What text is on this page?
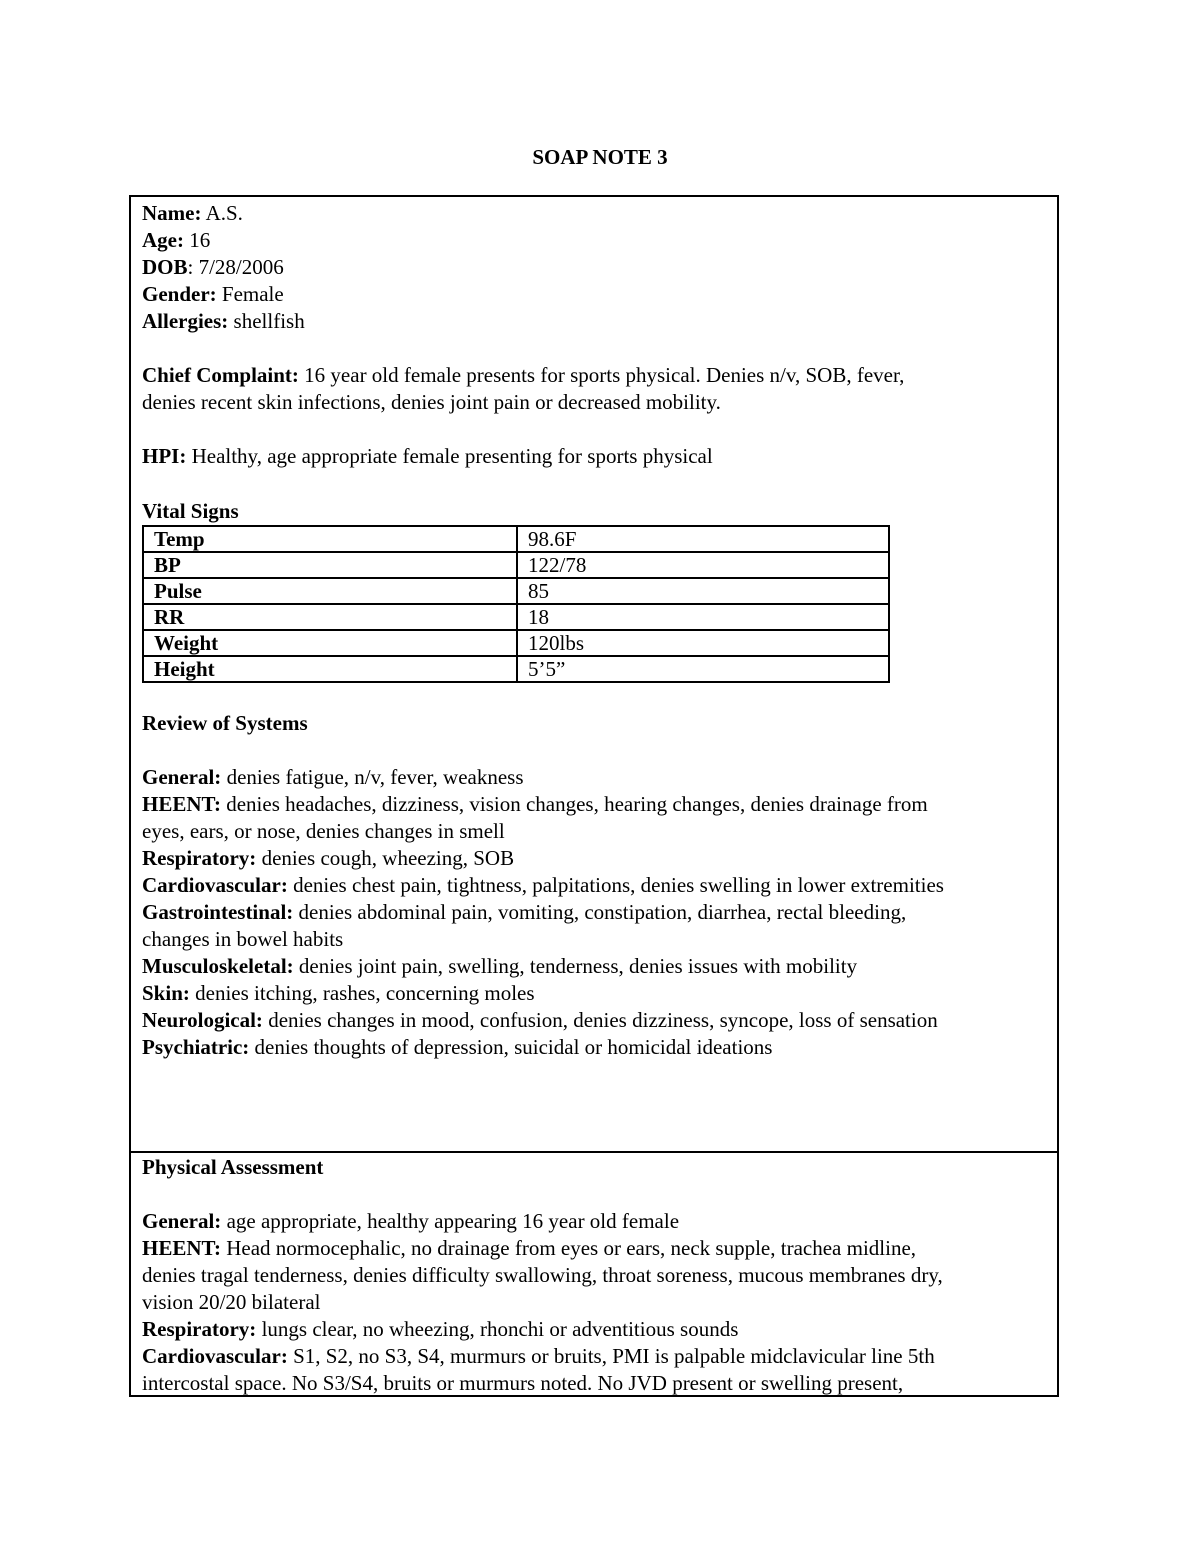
SOAP NOTE 3
Name: A.S.
Age: 16
DOB: 7/28/2006
Gender: Female
Allergies: shellfish
Chief Complaint: 16 year old female presents for sports physical. Denies n/v, SOB, fever,
denies recent skin infections, denies joint pain or decreased mobility.
HPI: Healthy, age appropriate female presenting for sports physical
Vital Signs
Temp	98.6F
BP	122/78
Pulse	85
RR	18
Weight	120lbs
Height	5’5”
Review of Systems
General: denies fatigue, n/v, fever, weakness
HEENT: denies headaches, dizziness, vision changes, hearing changes, denies drainage from
eyes, ears, or nose, denies changes in smell
Respiratory: denies cough, wheezing, SOB
Cardiovascular: denies chest pain, tightness, palpitations, denies swelling in lower extremities
Gastrointestinal: denies abdominal pain, vomiting, constipation, diarrhea, rectal bleeding,
changes in bowel habits
Musculoskeletal: denies joint pain, swelling, tenderness, denies issues with mobility
Skin: denies itching, rashes, concerning moles
Neurological: denies changes in mood, confusion, denies dizziness, syncope, loss of sensation
Psychiatric: denies thoughts of depression, suicidal or homicidal ideations
Physical Assessment
General: age appropriate, healthy appearing 16 year old female
HEENT: Head normocephalic, no drainage from eyes or ears, neck supple, trachea midline,
denies tragal tenderness, denies difficulty swallowing, throat soreness, mucous membranes dry,
vision 20/20 bilateral
Respiratory: lungs clear, no wheezing, rhonchi or adventitious sounds
Cardiovascular: S1, S2, no S3, S4, murmurs or bruits, PMI is palpable midclavicular line 5th
intercostal space. No S3/S4, bruits or murmurs noted. No JVD present or swelling present,
